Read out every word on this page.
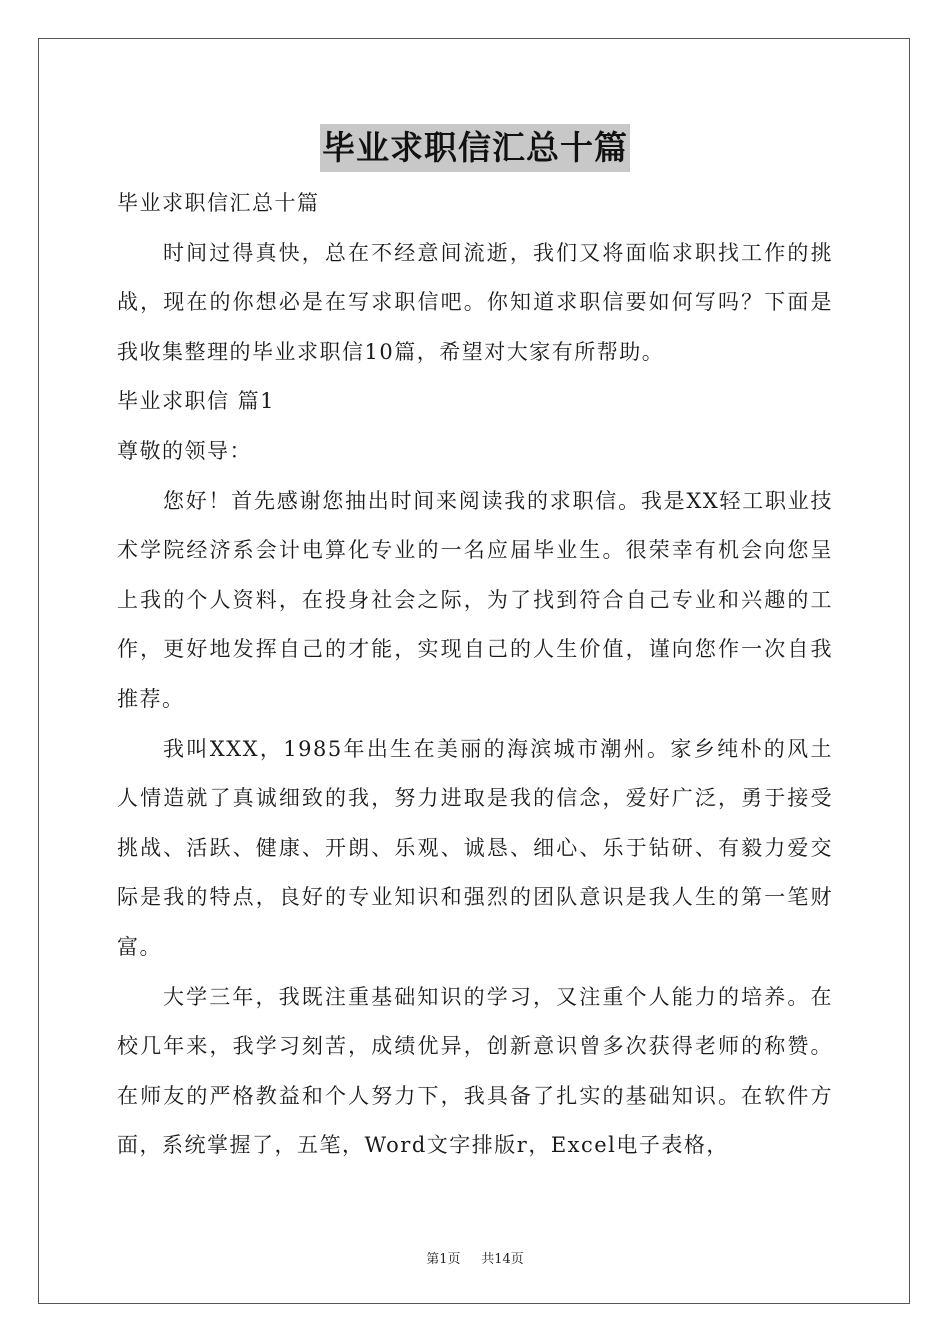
毕业求职信汇总十篇

毕业求职信汇总十篇

时间过得真快，总在不经意间流逝，我们又将面临求职找工作的挑战，现在的你想必是在写求职信吧。你知道求职信要如何写吗？下面是我收集整理的毕业求职信10篇，希望对大家有所帮助。

毕业求职信 篇1

尊敬的领导：

您好！首先感谢您抽出时间来阅读我的求职信。我是XX轻工职业技术学院经济系会计电算化专业的一名应届毕业生。很荣幸有机会向您呈上我的个人资料，在投身社会之际，为了找到符合自己专业和兴趣的工作，更好地发挥自己的才能，实现自己的人生价值，谨向您作一次自我推荐。

我叫XXX，1985年出生在美丽的海滨城市潮州。家乡纯朴的风土人情造就了真诚细致的我，努力进取是我的信念，爱好广泛，勇于接受挑战、活跃、健康、开朗、乐观、诚恳、细心、乐于钻研、有毅力爱交际是我的特点，良好的专业知识和强烈的团队意识是我人生的第一笔财富。

大学三年，我既注重基础知识的学习，又注重个人能力的培养。在校几年来，我学习刻苦，成绩优异，创新意识曾多次获得老师的称赞。在师友的严格教益和个人努力下，我具备了扎实的基础知识。在软件方面，系统掌握了，五笔，Word文字排版r，Excel电子表格，

第1页 共14页
